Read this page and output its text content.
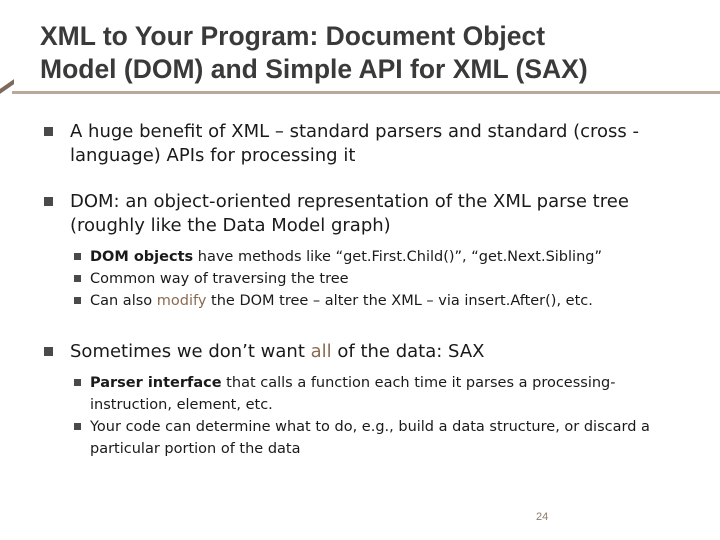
XML to Your Program: Document Object
Model (DOM) and Simple API for XML (SAX)
A huge benefit of XML – standard parsers and standard (cross -language) APIs for processing it
DOM: an object-oriented representation of the XML parse tree (roughly like the Data Model graph)
DOM objects have methods like “get.First.Child()”, “get.Next.Sibling”
Common way of traversing the tree
Can also modify the DOM tree – alter the XML – via insert.After(), etc.
Sometimes we don’t want all of the data: SAX
Parser interface that calls a function each time it parses a processing-instruction, element, etc.
Your code can determine what to do, e.g., build a data structure, or discard a particular portion of the data
24
